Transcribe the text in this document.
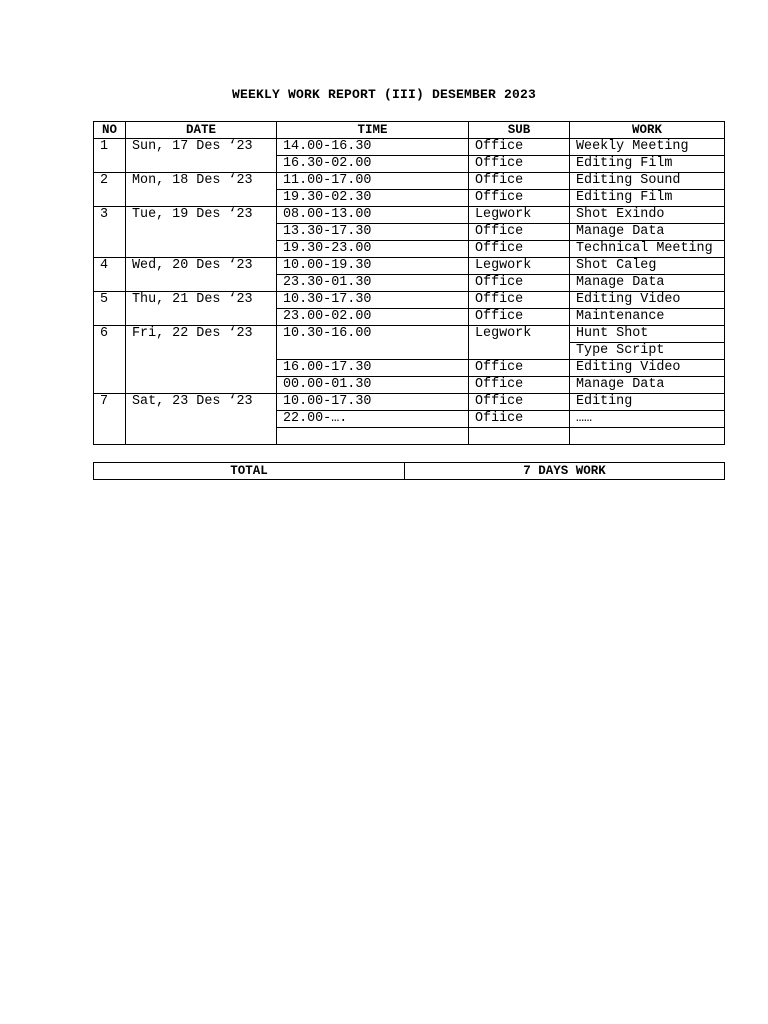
WEEKLY WORK REPORT (III) DESEMBER 2023
NO	DATE	TIME	SUB	WORK
1	Sun, 17 Des ‘23	14.00-16.30	Office	Weekly Meeting
		16.30-02.00	Office	Editing Film
2	Mon, 18 Des ‘23	11.00-17.00	Office	Editing Sound
		19.30-02.30	Office	Editing Film
3	Tue, 19 Des ‘23	08.00-13.00	Legwork	Shot Exindo
		13.30-17.30	Office	Manage Data
		19.30-23.00	Office	Technical Meeting
4	Wed, 20 Des ‘23	10.00-19.30	Legwork	Shot Caleg
		23.30-01.30	Office	Manage Data
5	Thu, 21 Des ‘23	10.30-17.30	Office	Editing Video
		23.00-02.00	Office	Maintenance
6	Fri, 22 Des ‘23	10.30-16.00	Legwork	Hunt Shot
				Type Script
		16.00-17.30	Office	Editing Video
		00.00-01.30	Office	Manage Data
7	Sat, 23 Des ‘23	10.00-17.30	Office	Editing
		22.00-….	Ofiice	……

TOTAL	7 DAYS WORK
